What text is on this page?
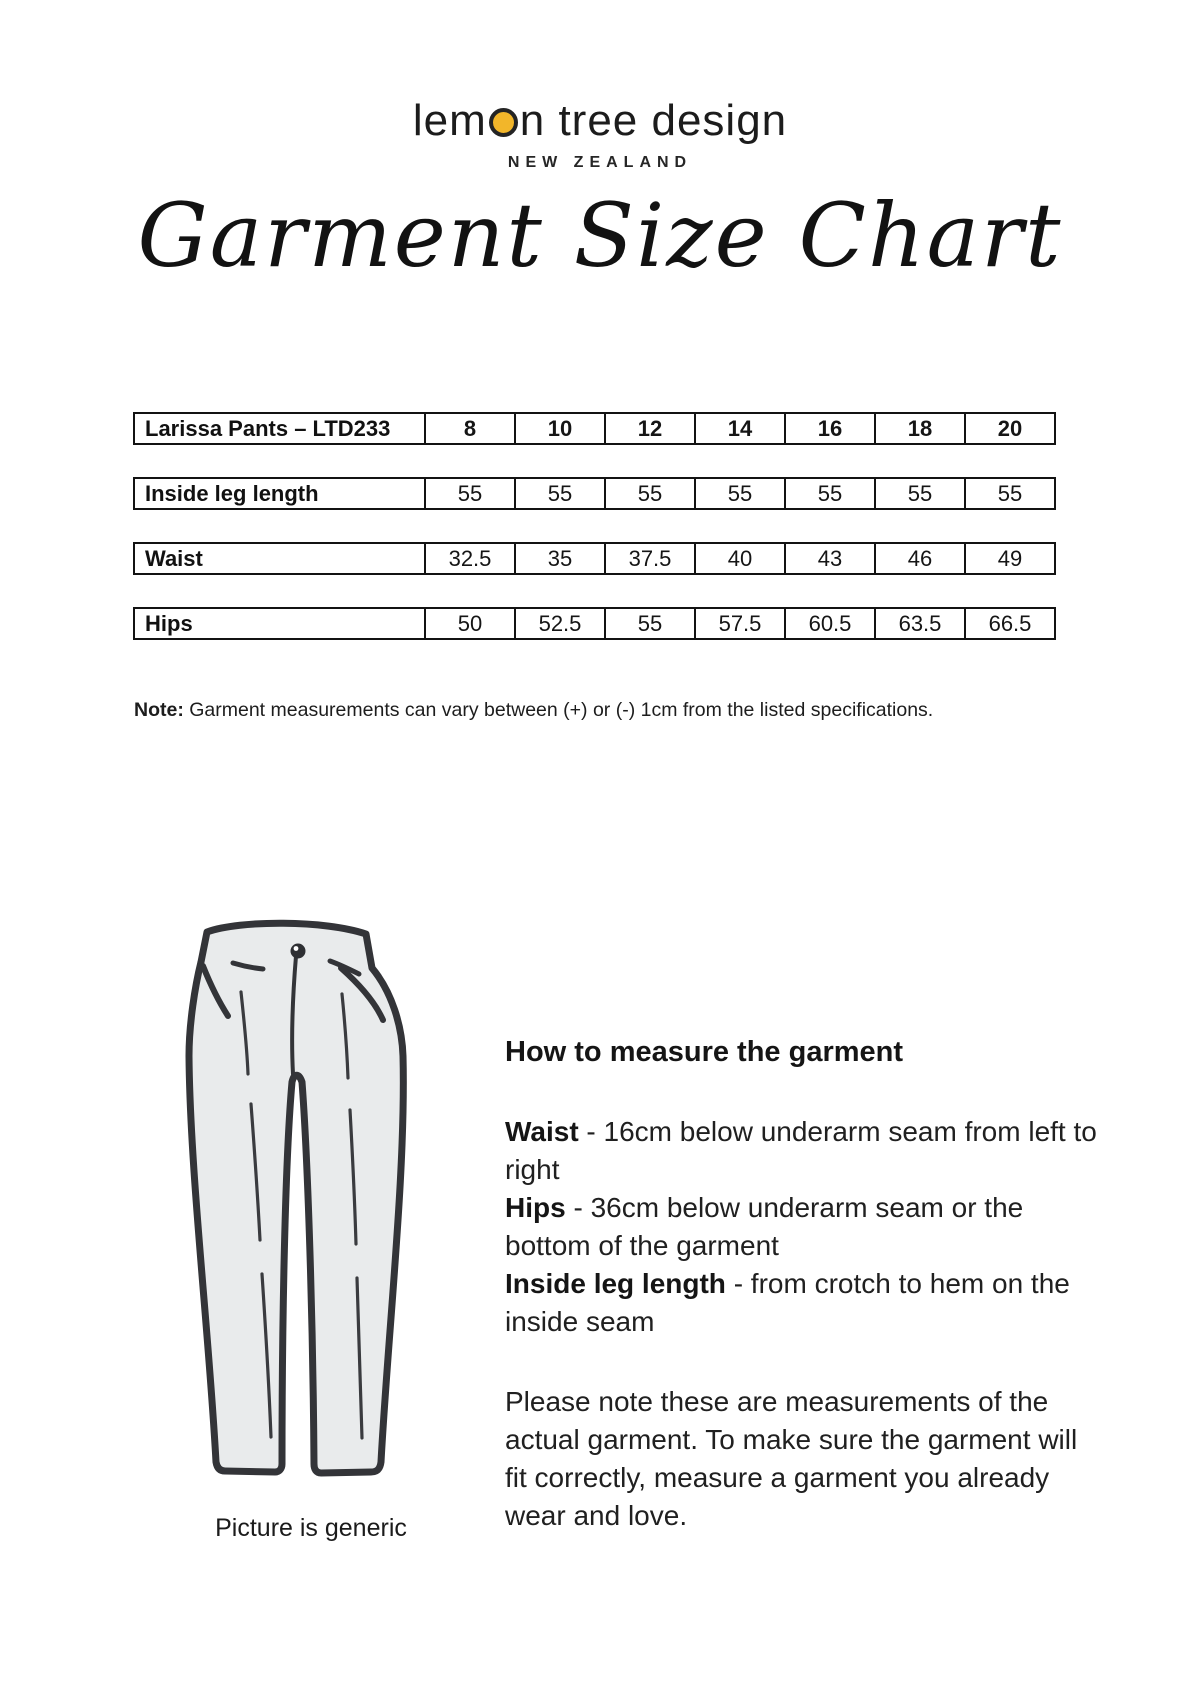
lem n tree design
NEW ZEALAND
Garment Size Chart
Larissa Pants – LTD233	8	10	12	14	16	18	20
Inside leg length	55	55	55	55	55	55	55
Waist	32.5	35	37.5	40	43	46	49
Hips	50	52.5	55	57.5	60.5	63.5	66.5

Note: Garment measurements can vary between (+) or (-) 1cm from the listed specifications.

Picture is generic
How to measure the garment
Waist - 16cm below underarm seam from left to right
Hips - 36cm below underarm seam or the bottom of the garment
Inside leg length - from crotch to hem on the inside seam

Please note these are measurements of the actual garment. To make sure the garment will fit correctly, measure a garment you already wear and love.
